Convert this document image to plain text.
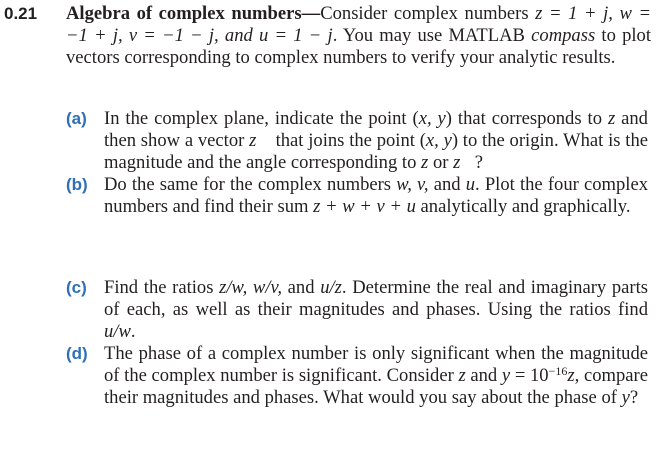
0.21 Algebra of complex numbers—Consider complex numbers z = 1 + j, w = −1 + j, v = −1 − j, and u = 1 − j. You may use MATLAB compass to plot vectors corresponding to complex numbers to verify your analytic results.
(a) In the complex plane, indicate the point (x, y) that corresponds to z and then show a vector z⃗ that joins the point (x, y) to the origin. What is the magnitude and the angle corresponding to z or z⃗?
(b) Do the same for the complex numbers w, v, and u. Plot the four complex numbers and find their sum z + w + v + u analytically and graphically.
(c) Find the ratios z/w, w/v, and u/z. Determine the real and imaginary parts of each, as well as their magnitudes and phases. Using the ratios find u/w.
(d) The phase of a complex number is only significant when the magnitude of the complex number is significant. Consider z and $y = 10^{-16}z$, compare their magnitudes and phases. What would you say about the phase of y?
